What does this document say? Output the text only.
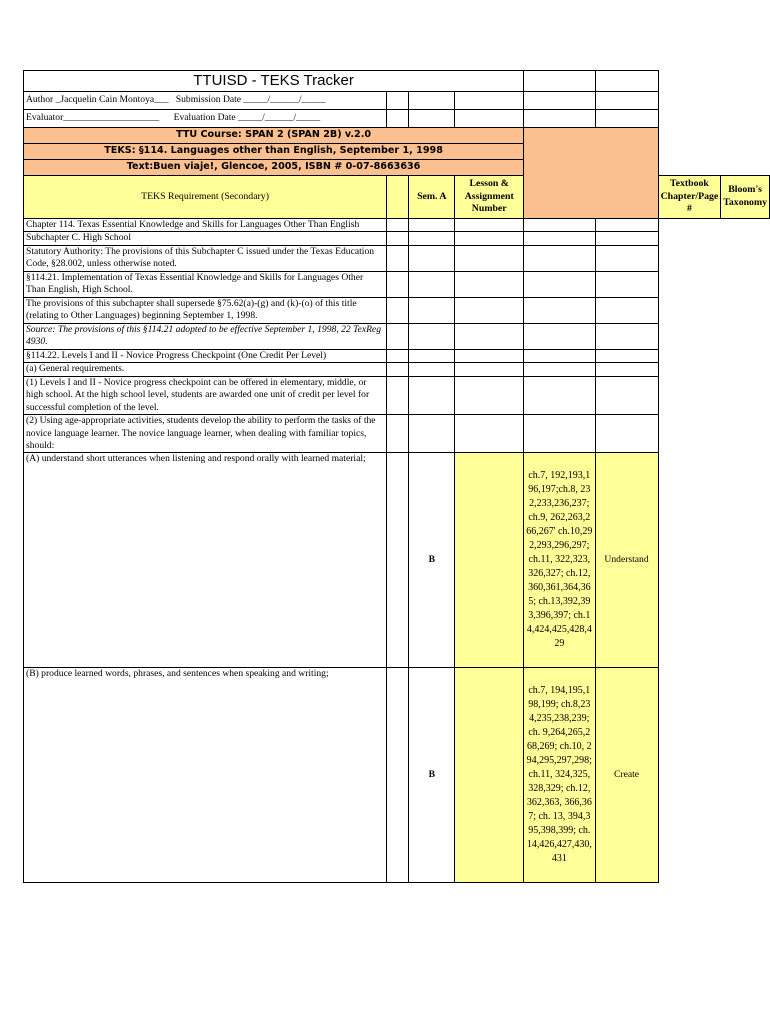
TTUISD - TEKS Tracker							
Author _Jacquelin Cain Montoya___ Submission Date _____/______/_____							
Evaluator____________________ Evaluation Date _____/______/_____							
TTU Course: SPAN 2 (SPAN 2B) v.2.0							
TEKS: §114. Languages other than English, September 1, 1998							
Text:Buen viaje!, Glencoe, 2005, ISBN # 0-07-8663636							
TEKS Requirement (Secondary)		Sem. A	Lesson & Assignment Number			Textbook Chapter/Page #	Bloom's Taxonomy
Chapter 114. Texas Essential Knowledge and Skills for Languages Other Than English							
Subchapter C. High School							
Statutory Authority: The provisions of this Subchapter C issued under the Texas Education Code, §28.002, unless otherwise noted.							
§114.21. Implementation of Texas Essential Knowledge and Skills for Languages Other Than English, High School.							
The provisions of this subchapter shall supersede §75.62(a)-(g) and (k)-(o) of this title (relating to Other Languages) beginning September 1, 1998.							
Source: The provisions of this §114.21 adopted to be effective September 1, 1998, 22 TexReg 4930.							
§114.22. Levels I and II - Novice Progress Checkpoint (One Credit Per Level)							
(a) General requirements.							
(1) Levels I and II - Novice progress checkpoint can be offered in elementary, middle, or high school. At the high school level, students are awarded one unit of credit per level for successful completion of the level.							
(2) Using age-appropriate activities, students develop the ability to perform the tasks of the novice language learner. The novice language learner, when dealing with familiar topics, should:							
(A) understand short utterances when listening and respond orally with learned material;		B		ch.7, 192,193,196,197;ch.8, 232,233,236,237; ch.9, 262,263,266,267' ch.10,292,293,296,297; ch.11, 322,323,326,327; ch.12,360,361,364,365; ch.13,392,393,396,397; ch.14,424,425,428,429	Understand		
(B) produce learned words, phrases, and sentences when speaking and writing;		B		ch.7, 194,195,198,199; ch.8,234,235,238,239; ch. 9,264,265,268,269; ch.10, 294,295,297,298; ch.11, 324,325,328,329; ch.12, 362,363, 366,367; ch. 13, 394,395,398,399; ch. 14,426,427,430,431	Create		
